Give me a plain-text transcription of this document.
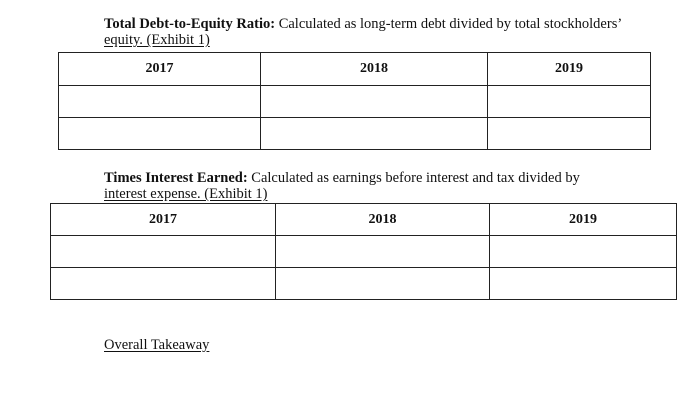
Total Debt-to-Equity Ratio: Calculated as long-term debt divided by total stockholders’
equity. (Exhibit 1)
2017	2018	2019

Times Interest Earned: Calculated as earnings before interest and tax divided by
interest expense. (Exhibit 1)
2017	2018	2019

Overall Takeaway
